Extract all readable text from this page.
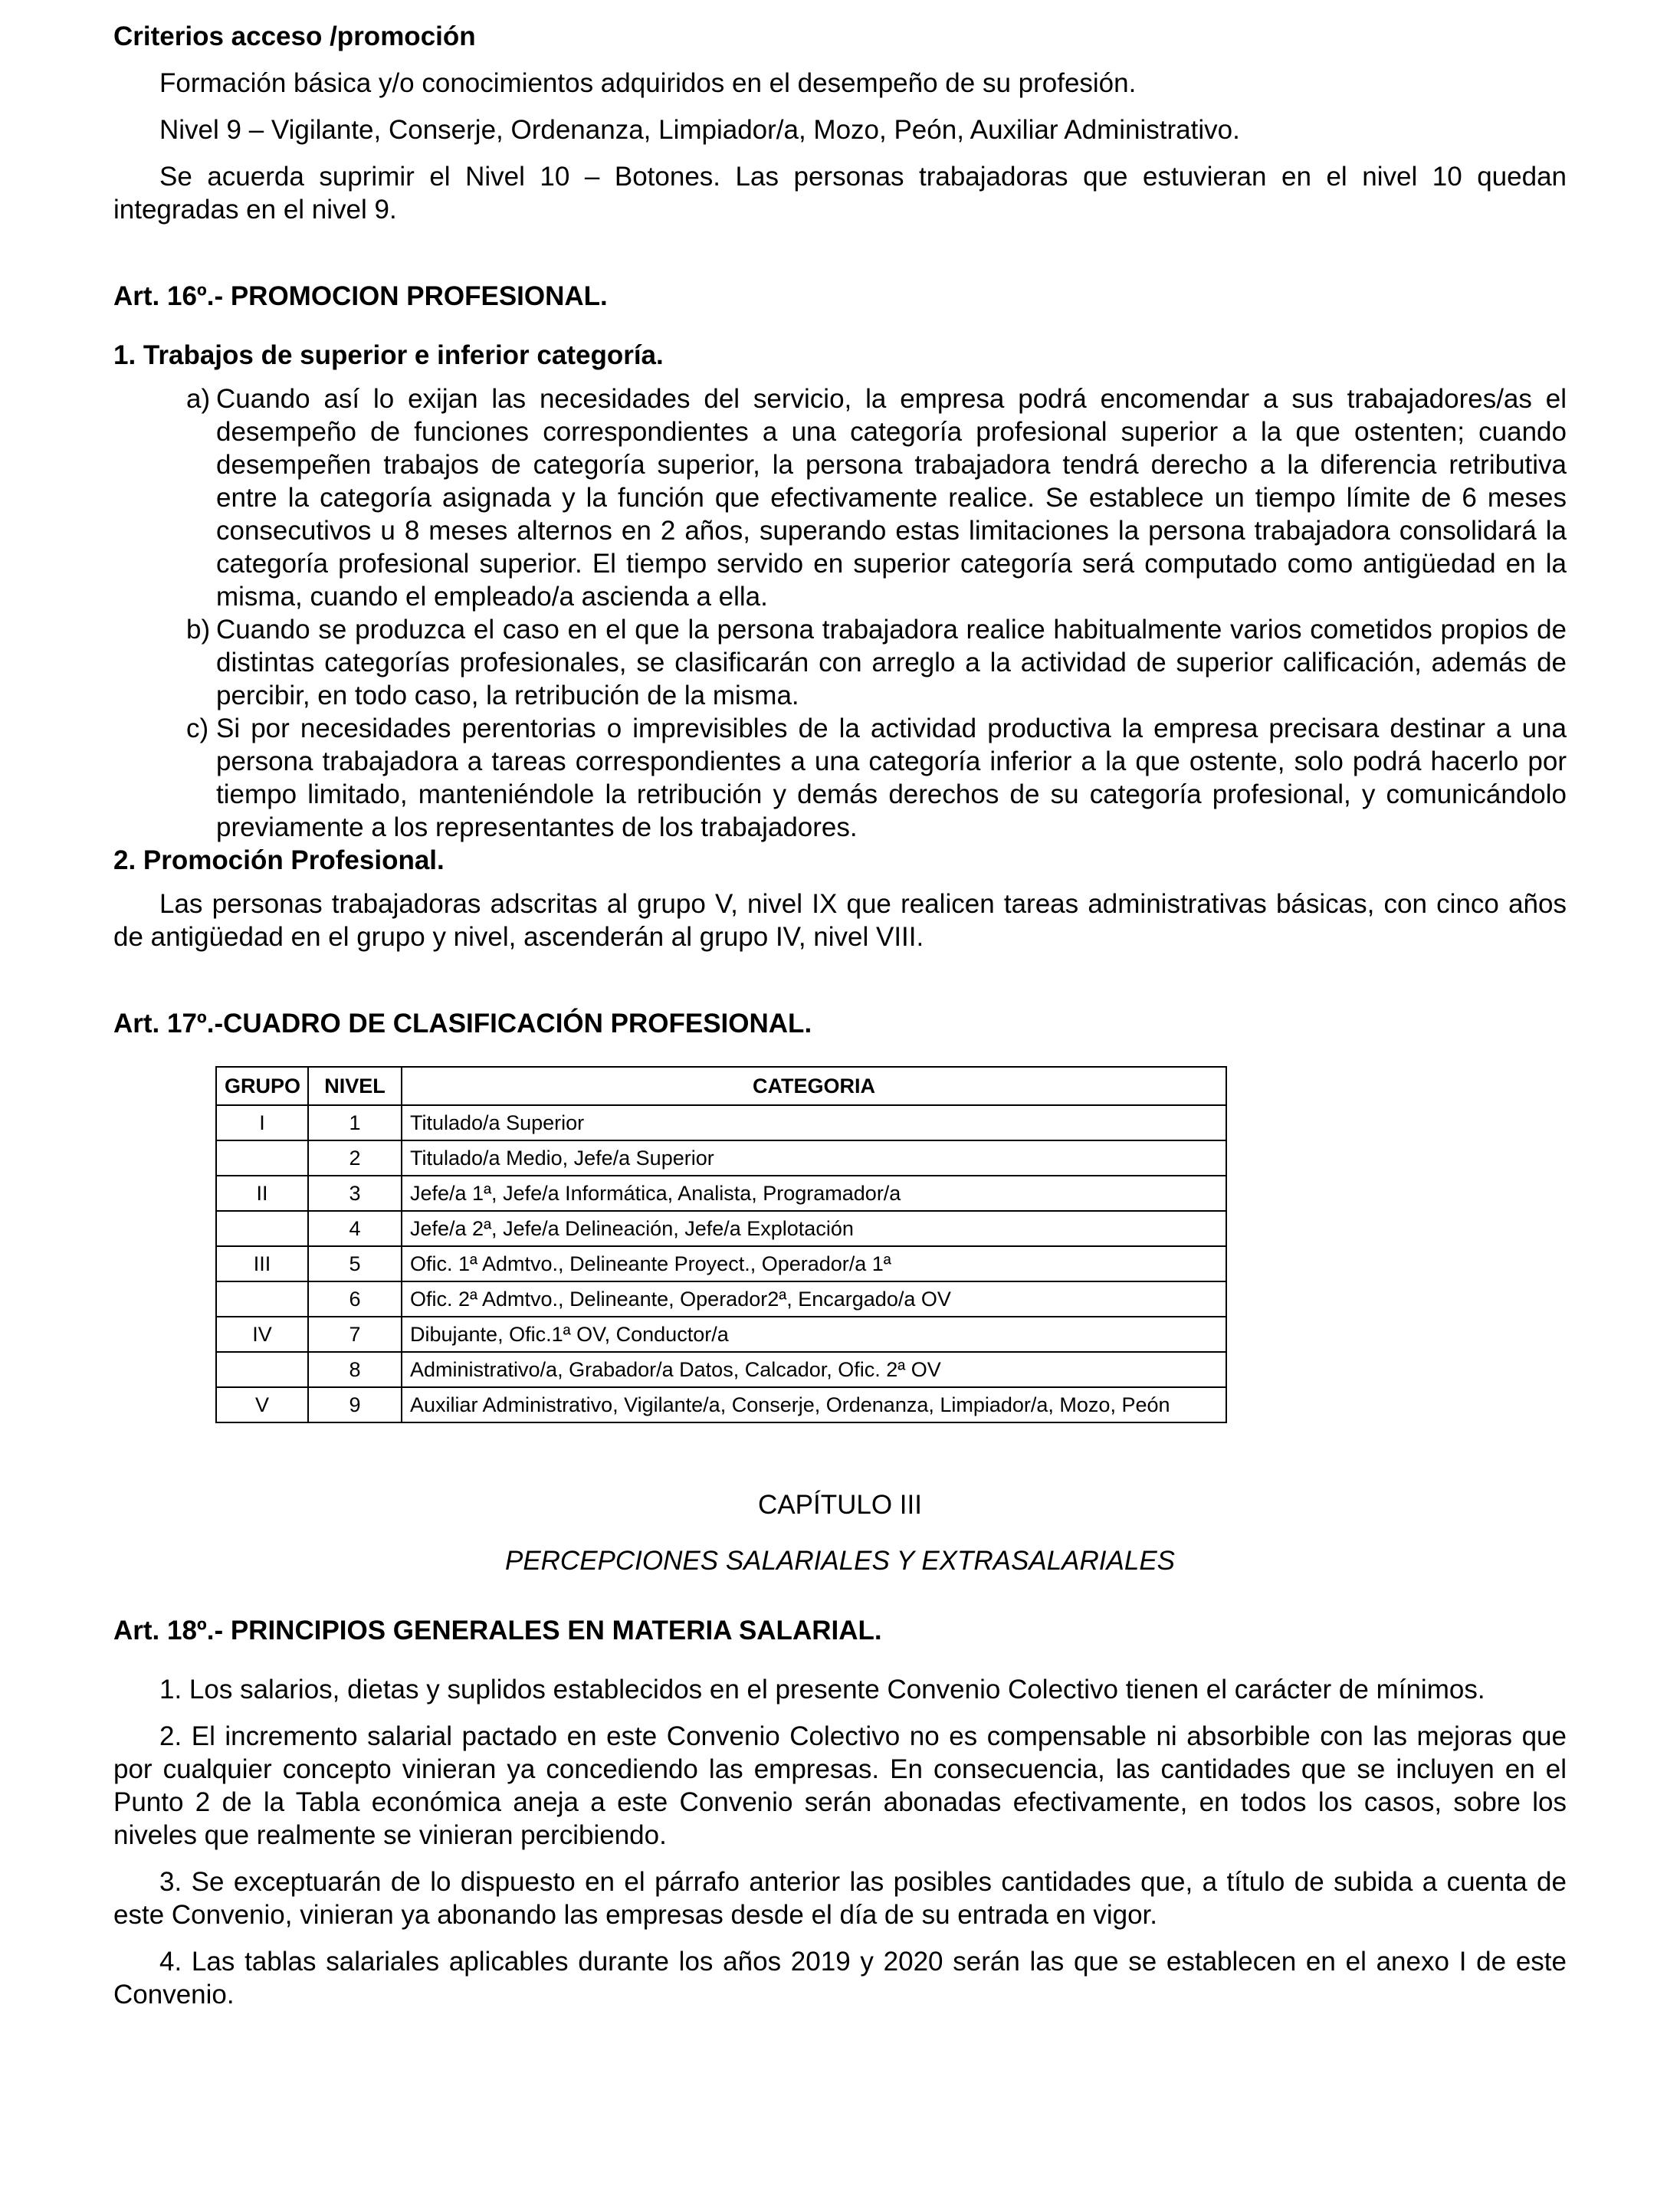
Criterios acceso /promoción

Formación básica y/o conocimientos adquiridos en el desempeño de su profesión.

Nivel 9 – Vigilante, Conserje, Ordenanza, Limpiador/a, Mozo, Peón, Auxiliar Administrativo.

Se acuerda suprimir el Nivel 10 – Botones. Las personas trabajadoras que estuvieran en el nivel 10 quedan integradas en el nivel 9.

Art. 16º.- PROMOCION PROFESIONAL.
1. Trabajos de superior e inferior categoría.
a) Cuando así lo exijan las necesidades del servicio, la empresa podrá encomendar a sus trabajadores/as el desempeño de funciones correspondientes a una categoría profesional superior a la que ostenten; cuando desempeñen trabajos de categoría superior, la persona trabajadora tendrá derecho a la diferencia retributiva entre la categoría asignada y la función que efectivamente realice. Se establece un tiempo límite de 6 meses consecutivos u 8 meses alternos en 2 años, superando estas limitaciones la persona trabajadora consolidará la categoría profesional superior. El tiempo servido en superior categoría será computado como antigüedad en la misma, cuando el empleado/a ascienda a ella.
b) Cuando se produzca el caso en el que la persona trabajadora realice habitualmente varios cometidos propios de distintas categorías profesionales, se clasificarán con arreglo a la actividad de superior calificación, además de percibir, en todo caso, la retribución de la misma.
c) Si por necesidades perentorias o imprevisibles de la actividad productiva la empresa precisara destinar a una persona trabajadora a tareas correspondientes a una categoría inferior a la que ostente, solo podrá hacerlo por tiempo limitado, manteniéndole la retribución y demás derechos de su categoría profesional, y comunicándolo previamente a los representantes de los trabajadores.
2. Promoción Profesional.

Las personas trabajadoras adscritas al grupo V, nivel IX que realicen tareas administrativas básicas, con cinco años de antigüedad en el grupo y nivel, ascenderán al grupo IV, nivel VIII.

Art. 17º.-CUADRO DE CLASIFICACIÓN PROFESIONAL.
GRUPO	NIVEL	CATEGORIA
I	1	Titulado/a Superior
	2	Titulado/a Medio, Jefe/a Superior
II	3	Jefe/a 1ª, Jefe/a Informática, Analista, Programador/a
	4	Jefe/a 2ª, Jefe/a Delineación, Jefe/a Explotación
III	5	Ofic. 1ª Admtvo., Delineante Proyect., Operador/a 1ª
	6	Ofic. 2ª Admtvo., Delineante, Operador2ª, Encargado/a OV
IV	7	Dibujante, Ofic.1ª OV, Conductor/a
	8	Administrativo/a, Grabador/a Datos, Calcador, Ofic. 2ª OV
V	9	Auxiliar Administrativo, Vigilante/a, Conserje, Ordenanza, Limpiador/a, Mozo, Peón
CAPÍTULO III

PERCEPCIONES SALARIALES Y EXTRASALARIALES

Art. 18º.- PRINCIPIOS GENERALES EN MATERIA SALARIAL.

1. Los salarios, dietas y suplidos establecidos en el presente Convenio Colectivo tienen el carácter de mínimos.

2. El incremento salarial pactado en este Convenio Colectivo no es compensable ni absorbible con las mejoras que por cualquier concepto vinieran ya concediendo las empresas. En consecuencia, las cantidades que se incluyen en el Punto 2 de la Tabla económica aneja a este Convenio serán abonadas efectivamente, en todos los casos, sobre los niveles que realmente se vinieran percibiendo.

3. Se exceptuarán de lo dispuesto en el párrafo anterior las posibles cantidades que, a título de subida a cuenta de este Convenio, vinieran ya abonando las empresas desde el día de su entrada en vigor.

4. Las tablas salariales aplicables durante los años 2019 y 2020 serán las que se establecen en el anexo I de este Convenio.
